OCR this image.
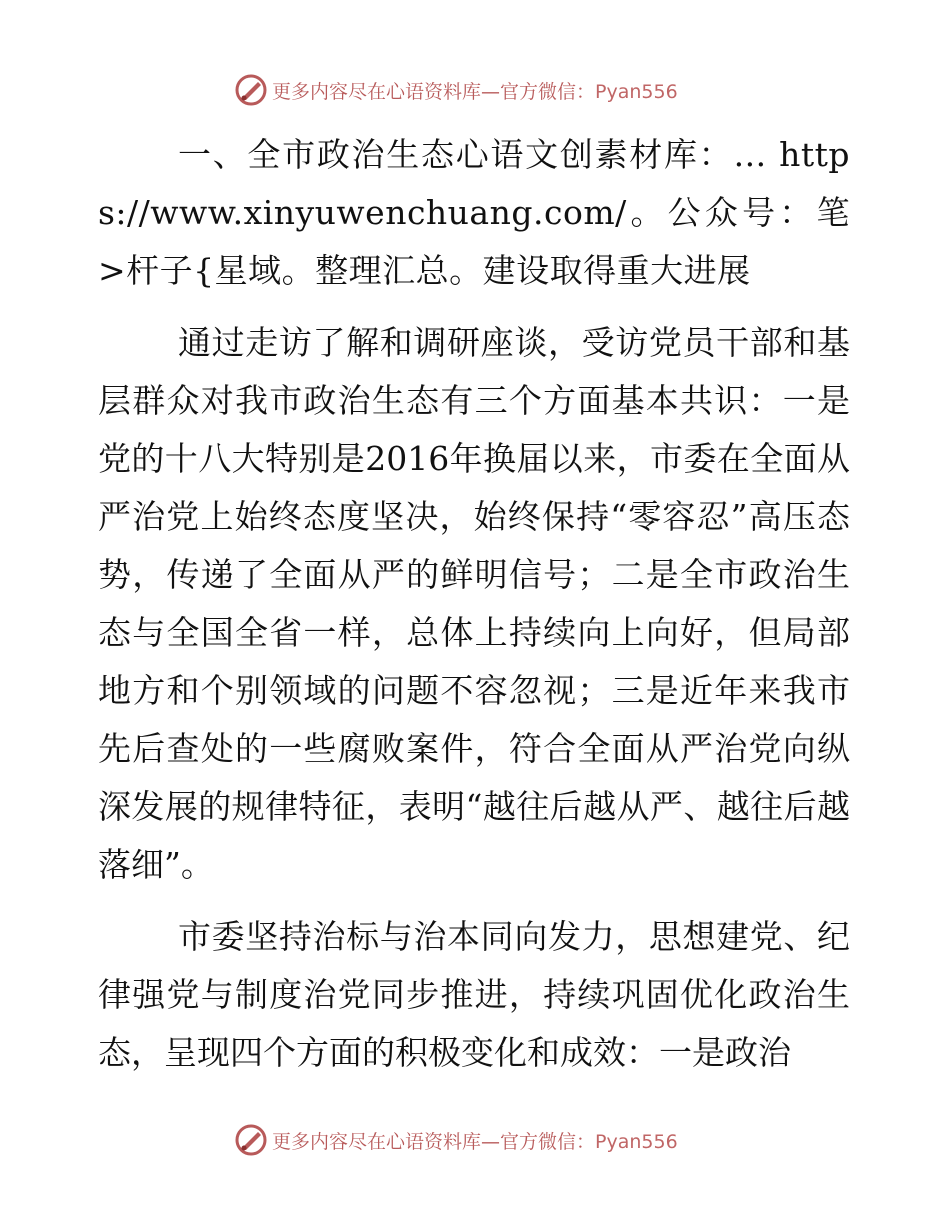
更多内容尽在心语资料库—官方微信：Pyan556

一、全市政治生态心语文创素材库：… https://www.xinyuwenchuang.com/。公众号：笔>杆子{星域。整理汇总。建设取得重大进展

通过走访了解和调研座谈，受访党员干部和基层群众对我市政治生态有三个方面基本共识：一是党的十八大特别是2016年换届以来，市委在全面从严治党上始终态度坚决，始终保持“零容忍”高压态势，传递了全面从严的鲜明信号；二是全市政治生态与全国全省一样，总体上持续向上向好，但局部地方和个别领域的问题不容忽视；三是近年来我市先后查处的一些腐败案件，符合全面从严治党向纵深发展的规律特征，表明“越往后越从严、越往后越落细”。

市委坚持治标与治本同向发力，思想建党、纪律强党与制度治党同步推进，持续巩固优化政治生态，呈现四个方面的积极变化和成效：一是政治

更多内容尽在心语资料库—官方微信：Pyan556
